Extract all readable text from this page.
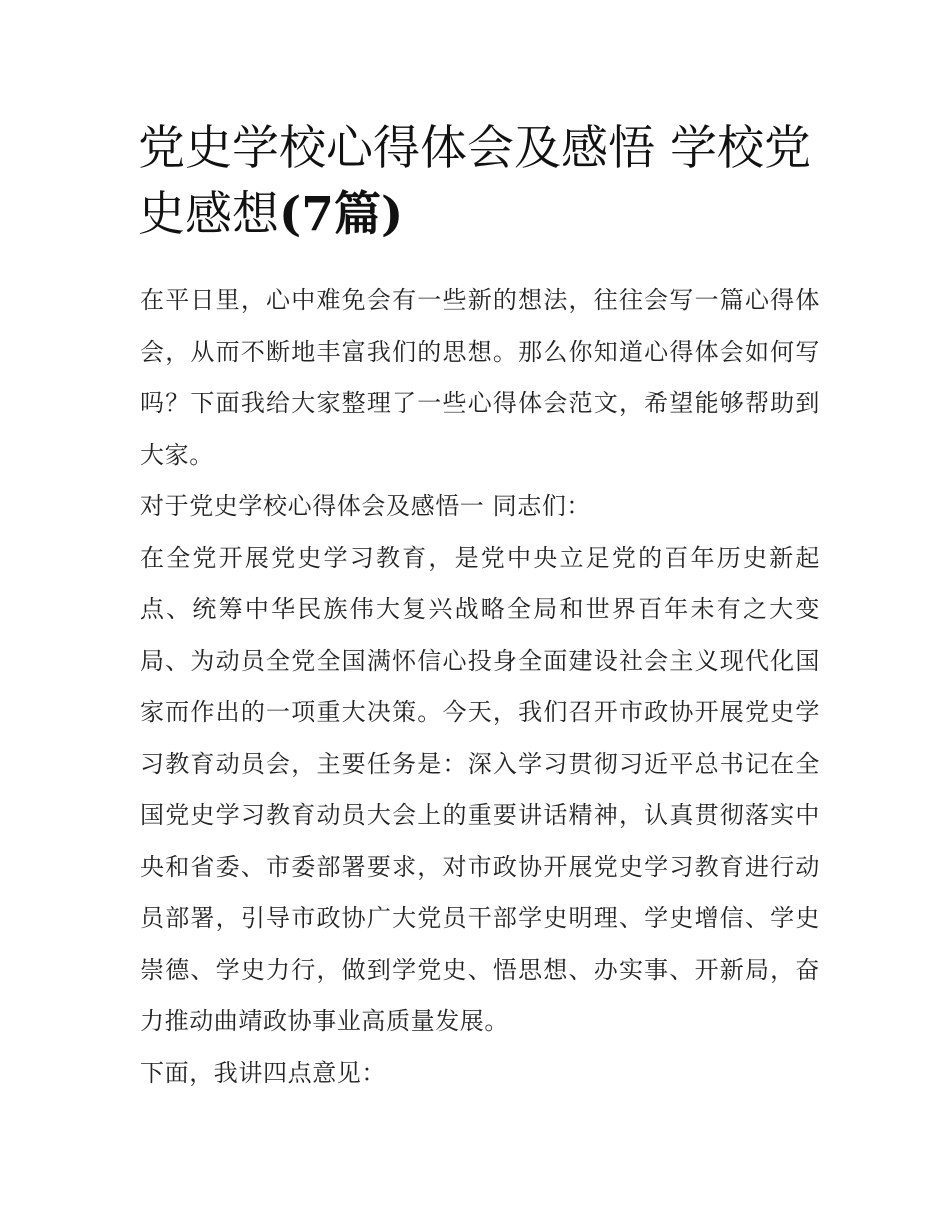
党史学校心得体会及感悟 学校党史感想(7篇)

在平日里，心中难免会有一些新的想法，往往会写一篇心得体会，从而不断地丰富我们的思想。那么你知道心得体会如何写吗？下面我给大家整理了一些心得体会范文，希望能够帮助到大家。

对于党史学校心得体会及感悟一 同志们：

在全党开展党史学习教育，是党中央立足党的百年历史新起点、统筹中华民族伟大复兴战略全局和世界百年未有之大变局、为动员全党全国满怀信心投身全面建设社会主义现代化国家而作出的一项重大决策。今天，我们召开市政协开展党史学习教育动员会，主要任务是：深入学习贯彻习近平总书记在全国党史学习教育动员大会上的重要讲话精神，认真贯彻落实中央和省委、市委部署要求，对市政协开展党史学习教育进行动员部署，引导市政协广大党员干部学史明理、学史增信、学史崇德、学史力行，做到学党史、悟思想、办实事、开新局，奋力推动曲靖政协事业高质量发展。

下面，我讲四点意见：
